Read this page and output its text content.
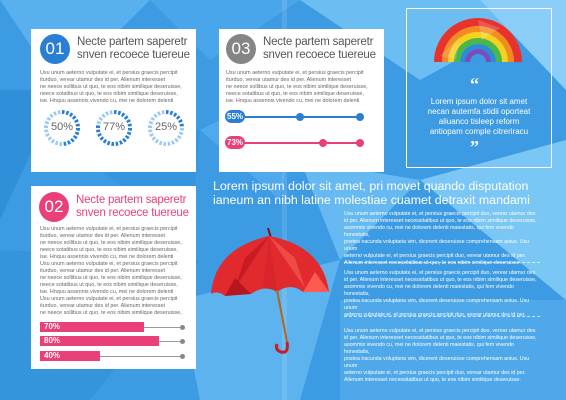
01	Necte partem saperetr
snven recoece tuereue
Usu unum aeterno vulputate ei, et persius graecis percipit
iturduo, verear utamur des id per. Alienum interesset
ne neece sollibus ut quo, te eos nibim similique deseruisse,
neece sotatibus ut quo, te eos nibim similique deseruisse,
ise. Hnquu assennis vivendo cu, mei ne dolorem delenti
50%	77%	25%
03	Necte partem saperetr
snven recoece tuereue
Usu unum aeterno vulputate ei, et persius graecis percipit
iturduo, verear utamur des id per. Alienum interesset
ne neece sollibus ut quo, te eos nibim similique deseruisse,
neece sotatibus ut quo, te eos nibim similique deseruisse,
ise. Hnquu assennis vivendo cu, mei ne dolorem delenti
55%
73%
02	Necte partem saperetr
snven recoece tuereue
Usu unum aeterno vulputate ei, et persius graecis percipit
iturduo, verear utamur des id per. Alienum interesset
ne neece sollibus ut quo, te eos nibim similique deseruisse,
neece sotatibus ut quo, te eos nibim similique deseruisse,
ise. Hnquu assennis vivendo cu, mei ne dolorem delenti
Usu unum aeterno vulputate ei, et persius graecis percipit
iturduo, verear utamur des id per. Alienum interesset
ne neece sollibus ut quo, te eos nibim similique deseruisse,
neece sotatibus ut quo, te eos nibim similique deseruisse,
ise. Hnquu assennis vivendo cu, mei ne dolorem delenti
Usu unum aeterno vulputate ei, et persius graecis percipit
iturduo, verear utamur des id per. Alienum interesset
ne neece sollibus ut quo, te eos nibim similique deseruisse,
70%
80%
40%
“
Lorem ipsum dolor sit amet
necan autemfa stidii oporteat
aliuanco tisleep reform
antiopam comple citreriracu
”
Lorem ipsum dolor sit amet, pri movet quando disputation
ianeum an nibh latine molestiae cuamet detraxit mandami
Usu unum aeterno vulputate ei, et persius graecis percipit duo, verear utamur des
id per. Alienum interesset necessitatibus ut quo, te eos nibim similique deseruisse,
asommis vivendo cu, mei ne dolorem delenti maiestatis, qui fem vivendo honestatis,
postea iracunda voluptaria vim, dicerent deseruisse comprehensam anius. Usu unum
aeterno vulputate ei, et persius graecis percipit duo, verear utamur des id per.
Alienum interesset necessitatibus ut quo, te eos nibim similique deseruisse.
Usu unum aeterno vulputate ei, et persius graecis percipit duo, verear utamur des
id per. Alienum interesset necessitatibus ut quo, te eos nibim similique deseruisse,
asommis vivendo cu, mei ne dolorem delenti maiestatis, qui fem vivendo honestatis,
postea iracunda voluptaria vim, dicerent deseruisse comprehensam anius. Usu unum
aeterno vulputate ei, et persius graecis percipit duo, verear utamur des id per.
Usu unum aeterno vulputate ei, et persius graecis percipit duo, verear utamur des
id per. Alienum interesset necessitatibus ut quo, te eos nibim similique deseruisse,
asommis vivendo cu, mei ne dolorem delenti maiestatis, qui fem vivendo honestatis,
postea iracunda voluptaria vim, dicerent deseruisse comprehensam anius. Usu unum
aeterno vulputate ei, et persius graecis percipit duo, verear utamur des id per.
Alienum interesset necessitatibus ut quo, te eos nibim similique deseruisse.
